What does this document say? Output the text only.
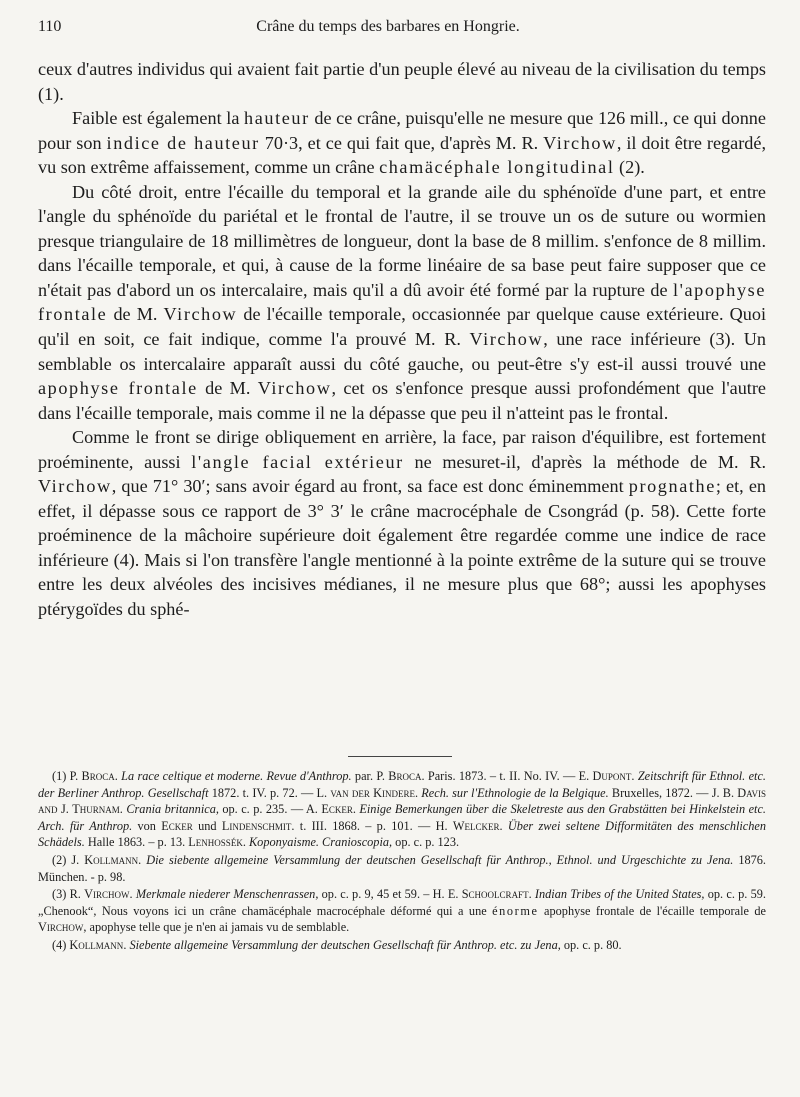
110	Crâne du temps des barbares en Hongrie.

ceux d'autres individus qui avaient fait partie d'un peuple élevé au niveau de la civilisation du temps (1).

Faible est également la hauteur de ce crâne, puisqu'elle ne mesure que 126 mill., ce qui donne pour son indice de hauteur 70·3, et ce qui fait que, d'après M. R. Virchow, il doit être regardé, vu son extrême affaissement, comme un crâne chamäcéphale longitudinal (2).

Du côté droit, entre l'écaille du temporal et la grande aile du sphénoïde d'une part, et entre l'angle du sphénoïde du pariétal et le frontal de l'autre, il se trouve un os de suture ou wormien presque triangulaire de 18 millimètres de longueur, dont la base de 8 millim. s'enfonce de 8 millim. dans l'écaille temporale, et qui, à cause de la forme linéaire de sa base peut faire supposer que ce n'était pas d'abord un os intercalaire, mais qu'il a dû avoir été formé par la rupture de l'apophyse frontale de M. Virchow de l'écaille temporale, occasionnée par quelque cause extérieure. Quoi qu'il en soit, ce fait indique, comme l'a prouvé M. R. Virchow, une race inférieure (3). Un semblable os intercalaire apparaît aussi du côté gauche, ou peut-être s'y est-il aussi trouvé une apophyse frontale de M. Virchow, cet os s'enfonce presque aussi profondément que l'autre dans l'écaille temporale, mais comme il ne la dépasse que peu il n'atteint pas le frontal.

Comme le front se dirige obliquement en arrière, la face, par raison d'équilibre, est fortement proéminente, aussi l'angle facial extérieur ne mesuret-il, d'après la méthode de M. R. Virchow, que 71° 30′; sans avoir égard au front, sa face est donc éminemment prognathe; et, en effet, il dépasse sous ce rapport de 3° 3′ le crâne macrocéphale de Csongrád (p. 58). Cette forte proéminence de la mâchoire supérieure doit également être regardée comme une indice de race inférieure (4). Mais si l'on transfère l'angle mentionné à la pointe extrême de la suture qui se trouve entre les deux alvéoles des incisives médianes, il ne mesure plus que 68°; aussi les apophyses ptérygoïdes du sphé-

(1) P. Broca. La race celtique et moderne. Revue d'Anthrop. par. P. Broca. Paris. 1873. – t. II. No. IV. — E. Dupont. Zeitschrift für Ethnol. etc. der Berliner Anthrop. Gesellschaft 1872. t. IV. p. 72. — L. van der Kindere. Rech. sur l'Ethnologie de la Belgique. Bruxelles, 1872. — J. B. Davis and J. Thurnam. Crania britannica, op. c. p. 235. — A. Ecker. Einige Bemerkungen über die Skeletreste aus den Grabstätten bei Hinkelstein etc. Arch. für Anthrop. von Ecker und Lindenschmit. t. III. 1868. – p. 101. — H. Welcker. Über zwei seltene Difformitäten des menschlichen Schädels. Halle 1863. – p. 13. Lenhossék. Koponyaisme. Cranioscopia, op. c. p. 123.

(2) J. Kollmann. Die siebente allgemeine Versammlung der deutschen Gesellschaft für Anthrop., Ethnol. und Urgeschichte zu Jena. 1876. München. - p. 98.

(3) R. Virchow. Merkmale niederer Menschenrassen, op. c. p. 9, 45 et 59. – H. E. Schoolcraft. Indian Tribes of the United States, op. c. p. 59. „Chenook“, Nous voyons ici un crâne chamäcéphale macrocéphale déformé qui a une énorme apophyse frontale de l'écaille temporale de Virchow, apophyse telle que je n'en ai jamais vu de semblable.

(4) Kollmann. Siebente allgemeine Versammlung der deutschen Gesellschaft für Anthrop. etc. zu Jena, op. c. p. 80.
